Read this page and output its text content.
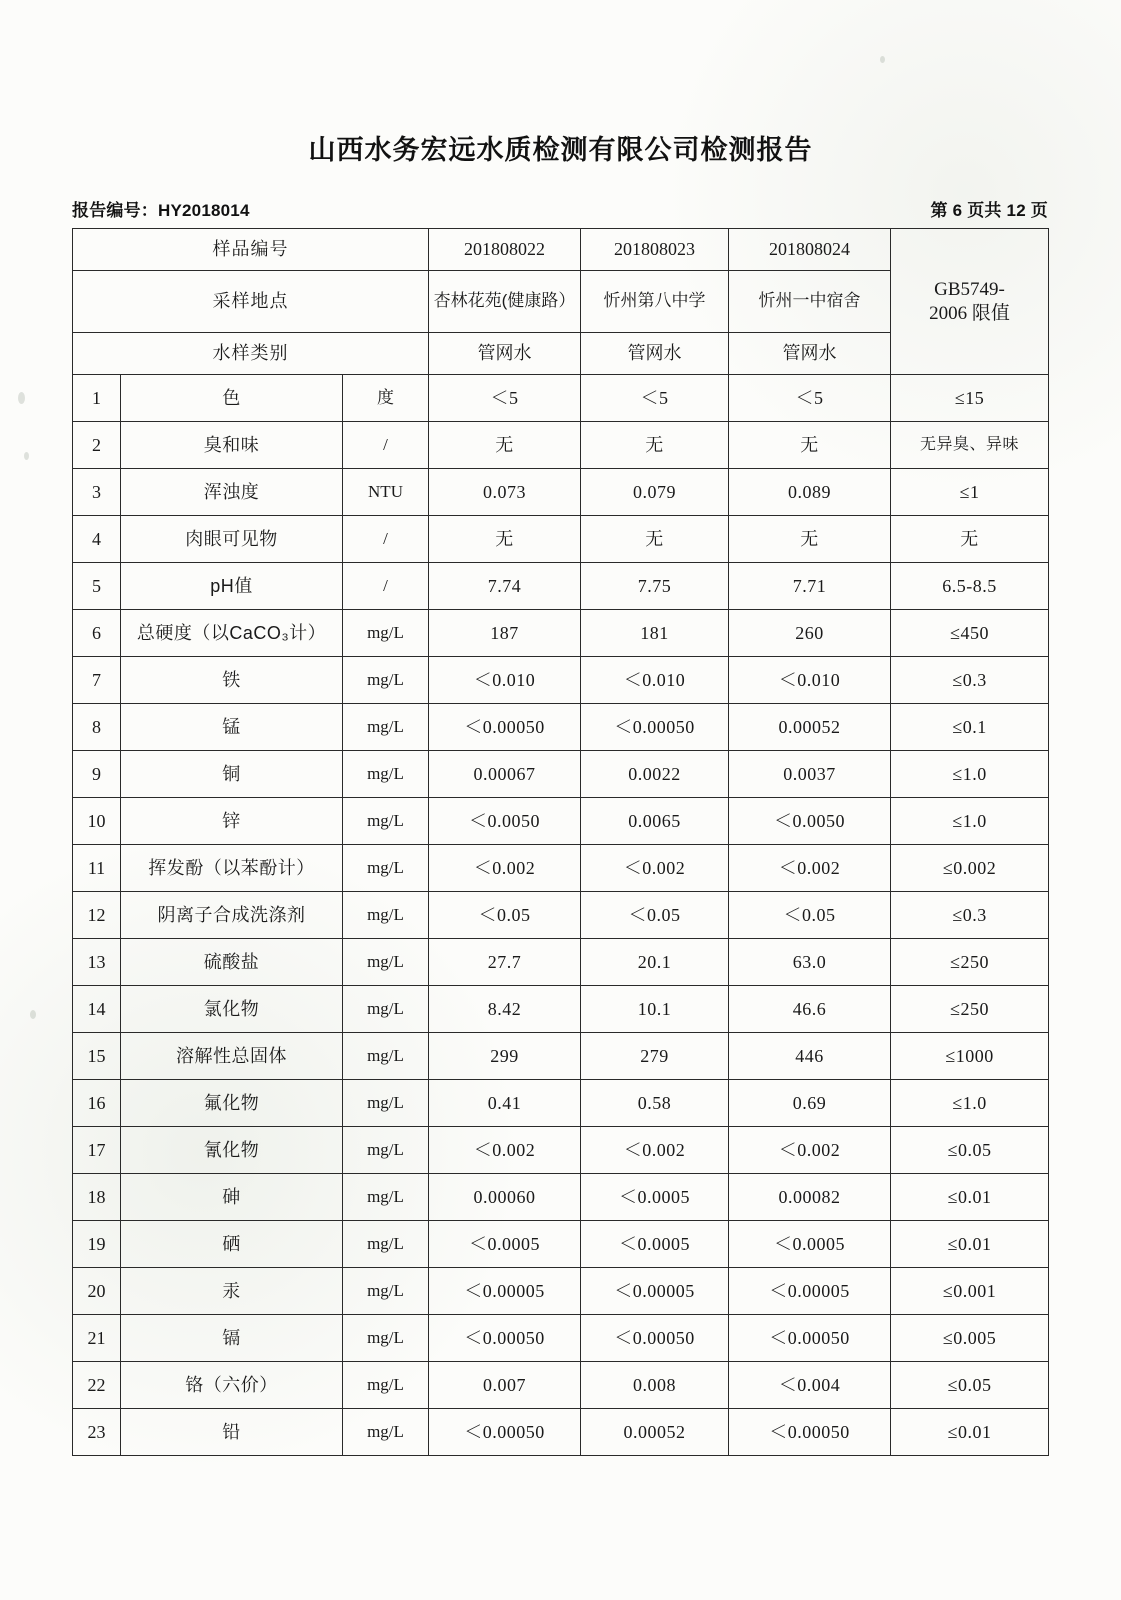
山西水务宏远水质检测有限公司检测报告
报告编号：HY2018014	第 6 页共 12 页
样品编号			201808022	201808023	201808024	GB5749-
2006 限值

采样地点			杏林花苑(健康路）	忻州第八中学	忻州一中宿舍	
水样类别			管网水	管网水	管网水	
1	色	度	＜5	＜5	＜5	≤15
2	臭和味	/	无	无	无	无异臭、异味
3	浑浊度	NTU	0.073	0.079	0.089	≤1
4	肉眼可见物	/	无	无	无	无
5	pH值	/	7.74	7.75	7.71	6.5-8.5
6	总硬度（以CaCO₃计）	mg/L	187	181	260	≤450
7	铁	mg/L	＜0.010	＜0.010	＜0.010	≤0.3
8	锰	mg/L	＜0.00050	＜0.00050	0.00052	≤0.1
9	铜	mg/L	0.00067	0.0022	0.0037	≤1.0
10	锌	mg/L	＜0.0050	0.0065	＜0.0050	≤1.0
11	挥发酚（以苯酚计）	mg/L	＜0.002	＜0.002	＜0.002	≤0.002
12	阴离子合成洗涤剂	mg/L	＜0.05	＜0.05	＜0.05	≤0.3
13	硫酸盐	mg/L	27.7	20.1	63.0	≤250
14	氯化物	mg/L	8.42	10.1	46.6	≤250
15	溶解性总固体	mg/L	299	279	446	≤1000
16	氟化物	mg/L	0.41	0.58	0.69	≤1.0
17	氰化物	mg/L	＜0.002	＜0.002	＜0.002	≤0.05
18	砷	mg/L	0.00060	＜0.0005	0.00082	≤0.01
19	硒	mg/L	＜0.0005	＜0.0005	＜0.0005	≤0.01
20	汞	mg/L	＜0.00005	＜0.00005	＜0.00005	≤0.001
21	镉	mg/L	＜0.00050	＜0.00050	＜0.00050	≤0.005
22	铬（六价）	mg/L	0.007	0.008	＜0.004	≤0.05
23	铅	mg/L	＜0.00050	0.00052	＜0.00050	≤0.01
